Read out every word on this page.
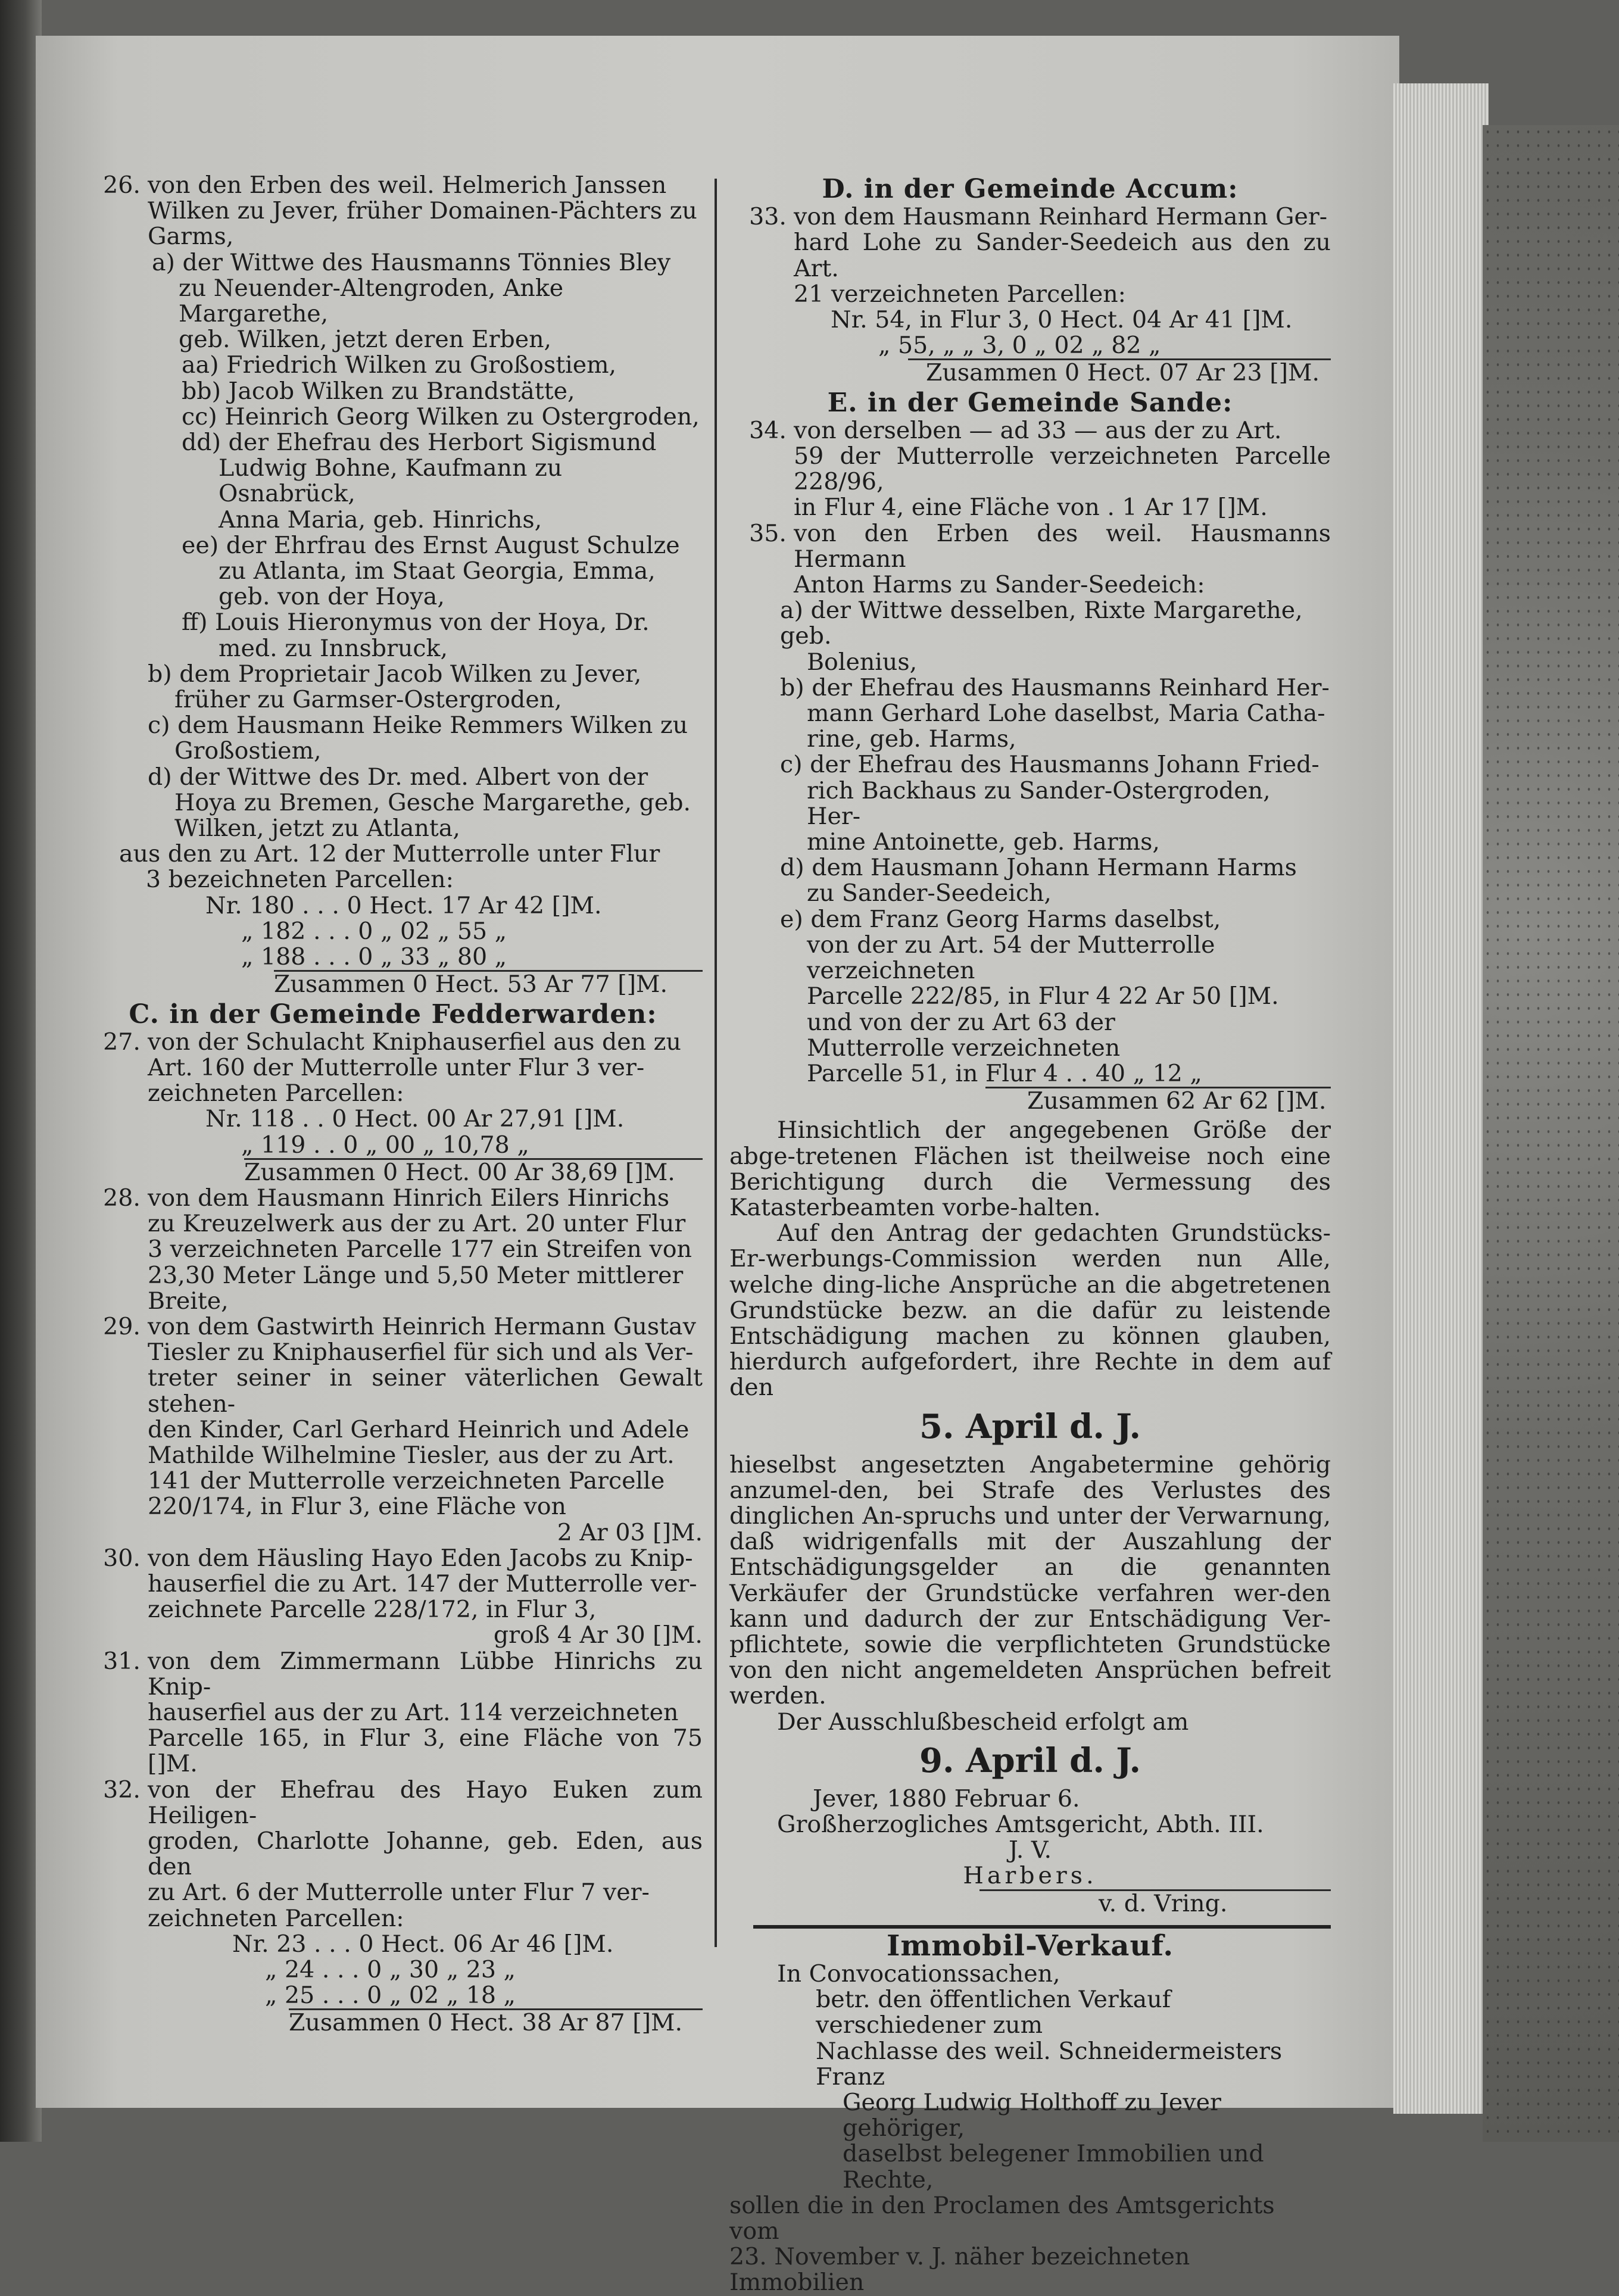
26. von den Erben des weil. Helmerich Janssen
Wilken zu Jever, früher Domainen-Pächters zu
Garms,
a) der Wittwe des Hausmanns Tönnies Bley
zu Neuender-Altengroden, Anke Margarethe,
geb. Wilken, jetzt deren Erben,
aa) Friedrich Wilken zu Großostiem,
bb) Jacob Wilken zu Brandstätte,
cc) Heinrich Georg Wilken zu Ostergroden,
dd) der Ehefrau des Herbort Sigismund
Ludwig Bohne, Kaufmann zu Osnabrück,
Anna Maria, geb. Hinrichs,
ee) der Ehrfrau des Ernst August Schulze
zu Atlanta, im Staat Georgia, Emma,
geb. von der Hoya,
ff) Louis Hieronymus von der Hoya, Dr.
med. zu Innsbruck,
b) dem Proprietair Jacob Wilken zu Jever,
früher zu Garmser-Ostergroden,
c) dem Hausmann Heike Remmers Wilken zu
Großostiem,
d) der Wittwe des Dr. med. Albert von der
Hoya zu Bremen, Gesche Margarethe, geb.
Wilken, jetzt zu Atlanta,
aus den zu Art. 12 der Mutterrolle unter Flur
3 bezeichneten Parcellen:
Nr. 180 . . . 0 Hect. 17 Ar 42 []M.
„ 182 . . . 0 „ 02 „ 55 „
„ 188 . . . 0 „ 33 „ 80 „
Zusammen 0 Hect. 53 Ar 77 []M.
C. in der Gemeinde Fedderwarden:
27. von der Schulacht Kniphauserfiel aus den zu
Art. 160 der Mutterrolle unter Flur 3 ver-
zeichneten Parcellen:
Nr. 118 . . 0 Hect. 00 Ar 27,91 []M.
„ 119 . . 0 „ 00 „ 10,78 „
Zusammen 0 Hect. 00 Ar 38,69 []M.
28. von dem Hausmann Hinrich Eilers Hinrichs
zu Kreuzelwerk aus der zu Art. 20 unter Flur
3 verzeichneten Parcelle 177 ein Streifen von
23,30 Meter Länge und 5,50 Meter mittlerer
Breite,
29. von dem Gastwirth Heinrich Hermann Gustav
Tiesler zu Kniphauserfiel für sich und als Ver-
treter seiner in seiner väterlichen Gewalt stehen-
den Kinder, Carl Gerhard Heinrich und Adele
Mathilde Wilhelmine Tiesler, aus der zu Art.
141 der Mutterrolle verzeichneten Parcelle
220/174, in Flur 3, eine Fläche von
2 Ar 03 []M.
30. von dem Häusling Hayo Eden Jacobs zu Knip-
hauserfiel die zu Art. 147 der Mutterrolle ver-
zeichnete Parcelle 228/172, in Flur 3,
groß 4 Ar 30 []M.
31. von dem Zimmermann Lübbe Hinrichs zu Knip-
hauserfiel aus der zu Art. 114 verzeichneten
Parcelle 165, in Flur 3, eine Fläche von 75 []M.
32. von der Ehefrau des Hayo Euken zum Heiligen-
groden, Charlotte Johanne, geb. Eden, aus den
zu Art. 6 der Mutterrolle unter Flur 7 ver-
zeichneten Parcellen:
Nr. 23 . . . 0 Hect. 06 Ar 46 []M.
„ 24 . . . 0 „ 30 „ 23 „
„ 25 . . . 0 „ 02 „ 18 „
Zusammen 0 Hect. 38 Ar 87 []M.
D. in der Gemeinde Accum:
33. von dem Hausmann Reinhard Hermann Ger-
hard Lohe zu Sander-Seedeich aus den zu Art.
21 verzeichneten Parcellen:
Nr. 54, in Flur 3, 0 Hect. 04 Ar 41 []M.
„ 55, „ „ 3, 0 „ 02 „ 82 „
Zusammen 0 Hect. 07 Ar 23 []M.
E. in der Gemeinde Sande:
34. von derselben — ad 33 — aus der zu Art.
59 der Mutterrolle verzeichneten Parcelle 228/96,
in Flur 4, eine Fläche von . 1 Ar 17 []M.
35. von den Erben des weil. Hausmanns Hermann
Anton Harms zu Sander-Seedeich:
a) der Wittwe desselben, Rixte Margarethe, geb.
Bolenius,
b) der Ehefrau des Hausmanns Reinhard Her-
mann Gerhard Lohe daselbst, Maria Catha-
rine, geb. Harms,
c) der Ehefrau des Hausmanns Johann Fried-
rich Backhaus zu Sander-Ostergroden, Her-
mine Antoinette, geb. Harms,
d) dem Hausmann Johann Hermann Harms
zu Sander-Seedeich,
e) dem Franz Georg Harms daselbst,
von der zu Art. 54 der Mutterrolle verzeichneten
Parcelle 222/85, in Flur 4 22 Ar 50 []M.
und von der zu Art 63 der
Mutterrolle verzeichneten
Parcelle 51, in Flur 4 . . 40 „ 12 „
Zusammen 62 Ar 62 []M.
Hinsichtlich der angegebenen Größe der abge-tretenen Flächen ist theilweise noch eine Berichtigung durch die Vermessung des Katasterbeamten vorbe-halten.
Auf den Antrag der gedachten Grundstücks-Er-werbungs-Commission werden nun Alle, welche ding-liche Ansprüche an die abgetretenen Grundstücke bezw. an die dafür zu leistende Entschädigung machen zu können glauben, hierdurch aufgefordert, ihre Rechte in dem auf den
5. April d. J.
hieselbst angesetzten Angabetermine gehörig anzumel-den, bei Strafe des Verlustes des dinglichen An-spruchs und unter der Verwarnung, daß widrigenfalls mit der Auszahlung der Entschädigungsgelder an die genannten Verkäufer der Grundstücke verfahren wer-den kann und dadurch der zur Entschädigung Ver-pflichtete, sowie die verpflichteten Grundstücke von den nicht angemeldeten Ansprüchen befreit werden.
Der Ausschlußbescheid erfolgt am
9. April d. J.
Jever, 1880 Februar 6.
Großherzogliches Amtsgericht, Abth. III.
J. V.
Harbers.
v. d. Vring.
Immobil-Verkauf.
In Convocationssachen,
betr. den öffentlichen Verkauf verschiedener zum
Nachlasse des weil. Schneidermeisters Franz
Georg Ludwig Holthoff zu Jever gehöriger,
daselbst belegener Immobilien und Rechte,
sollen die in den Proclamen des Amtsgerichts vom
23. November v. J. näher bezeichneten Immobilien
